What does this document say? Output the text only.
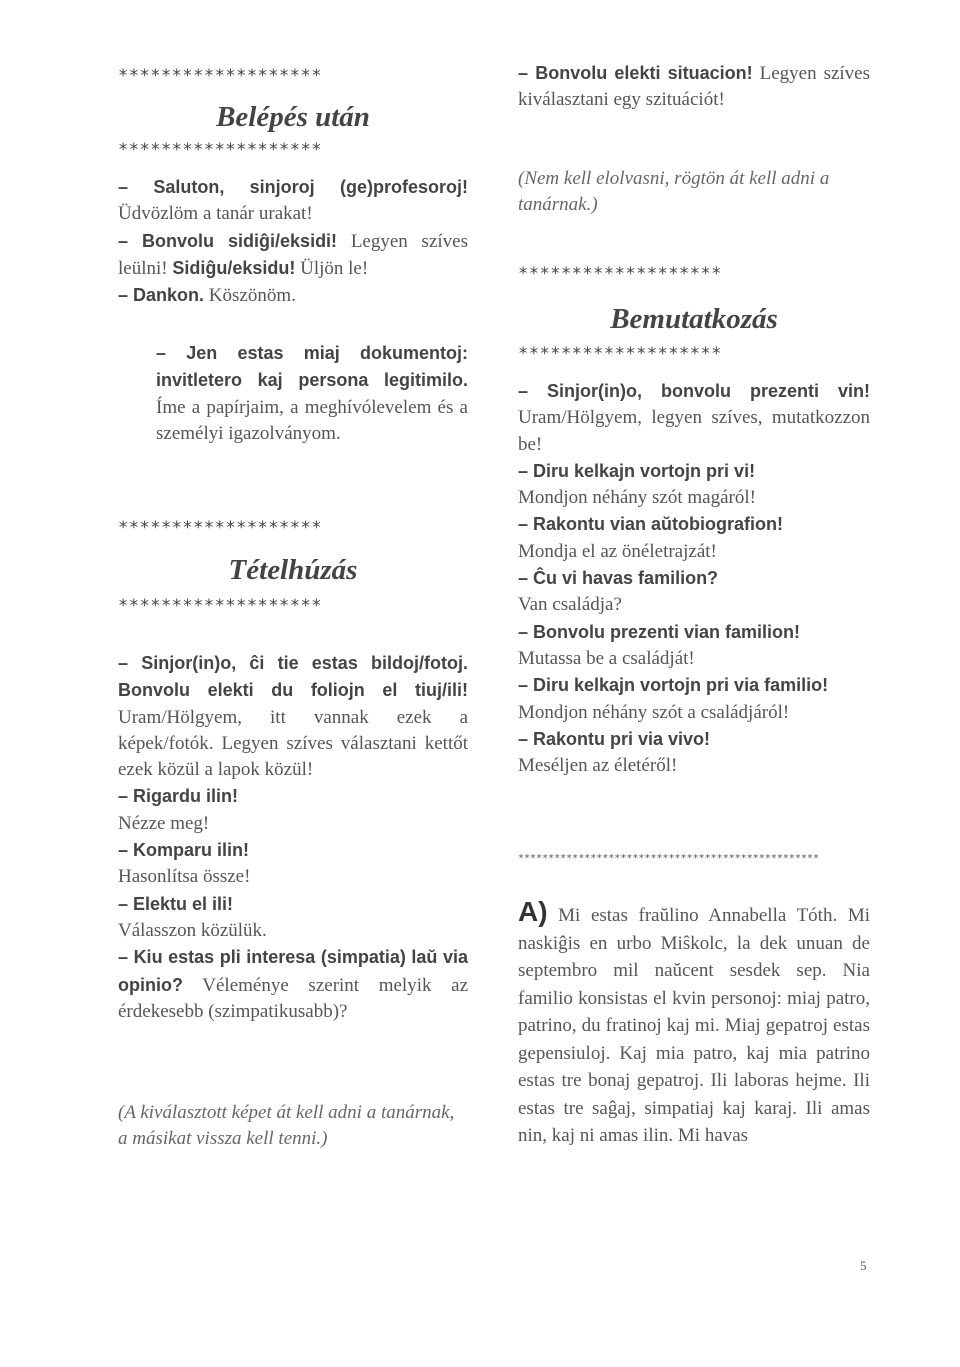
*******************
Belépés után
*******************
– Saluton, sinjoroj (ge)profesoroj! Üdvözlöm a tanár urakat!
– Bonvolu sidiĝi/eksidi! Legyen szíves leülni! Sidiĝu/eksidu! Üljön le!
– Dankon. Köszönöm.
– Jen estas miaj dokumentoj: invitletero kaj persona legitimilo. Íme a papírjaim, a meghívólevelem és a személyi igazolványom.
*******************
Tételhúzás
*******************
– Sinjor(in)o, ĉi tie estas bildoj/fotoj. Bonvolu elekti du foliojn el tiuj/ili! Uram/Hölgyem, itt vannak ezek a képek/fotók. Legyen szíves választani kettőt ezek közül a lapok közül!
– Rigardu ilin!
Nézze meg!
– Komparu ilin!
Hasonlítsa össze!
– Elektu el ili!
Válasszon közülük.
– Kiu estas pli interesa (simpatia) laŭ via opinio? Véleménye szerint melyik az érdekesebb (szimpatikusabb)?
(A kiválasztott képet át kell adni a tanárnak, a másikat vissza kell tenni.)
– Bonvolu elekti situacion! Legyen szíves kiválasztani egy szituációt!
(Nem kell elolvasni, rögtön át kell adni a tanárnak.)
*******************
Bemutatkozás
*******************
– Sinjor(in)o, bonvolu prezenti vin! Uram/Hölgyem, legyen szíves, mutatkozzon be!
– Diru kelkajn vortojn pri vi!
Mondjon néhány szót magáról!
– Rakontu vian aŭtobiografion!
Mondja el az önéletrajzát!
– Ĉu vi havas familion?
Van családja?
– Bonvolu prezenti vian familion!
Mutassa be a családját!
– Diru kelkajn vortojn pri via familio!
Mondjon néhány szót a családjáról!
– Rakontu pri via vivo!
Meséljen az életéről!
**************************************************
A) Mi estas fraŭlino Annabella Tóth. Mi naskiĝis en urbo Miŝkolc, la dek unuan de septembro mil naŭcent sesdek sep. Nia familio konsistas el kvin personoj: miaj patro, patrino, du fratinoj kaj mi. Miaj gepatroj estas gepensiuloj. Kaj mia patro, kaj mia patrino estas tre bonaj gepatroj. Ili laboras hejme. Ili estas tre saĝaj, simpatiaj kaj karaj. Ili amas nin, kaj ni amas ilin. Mi havas
5
